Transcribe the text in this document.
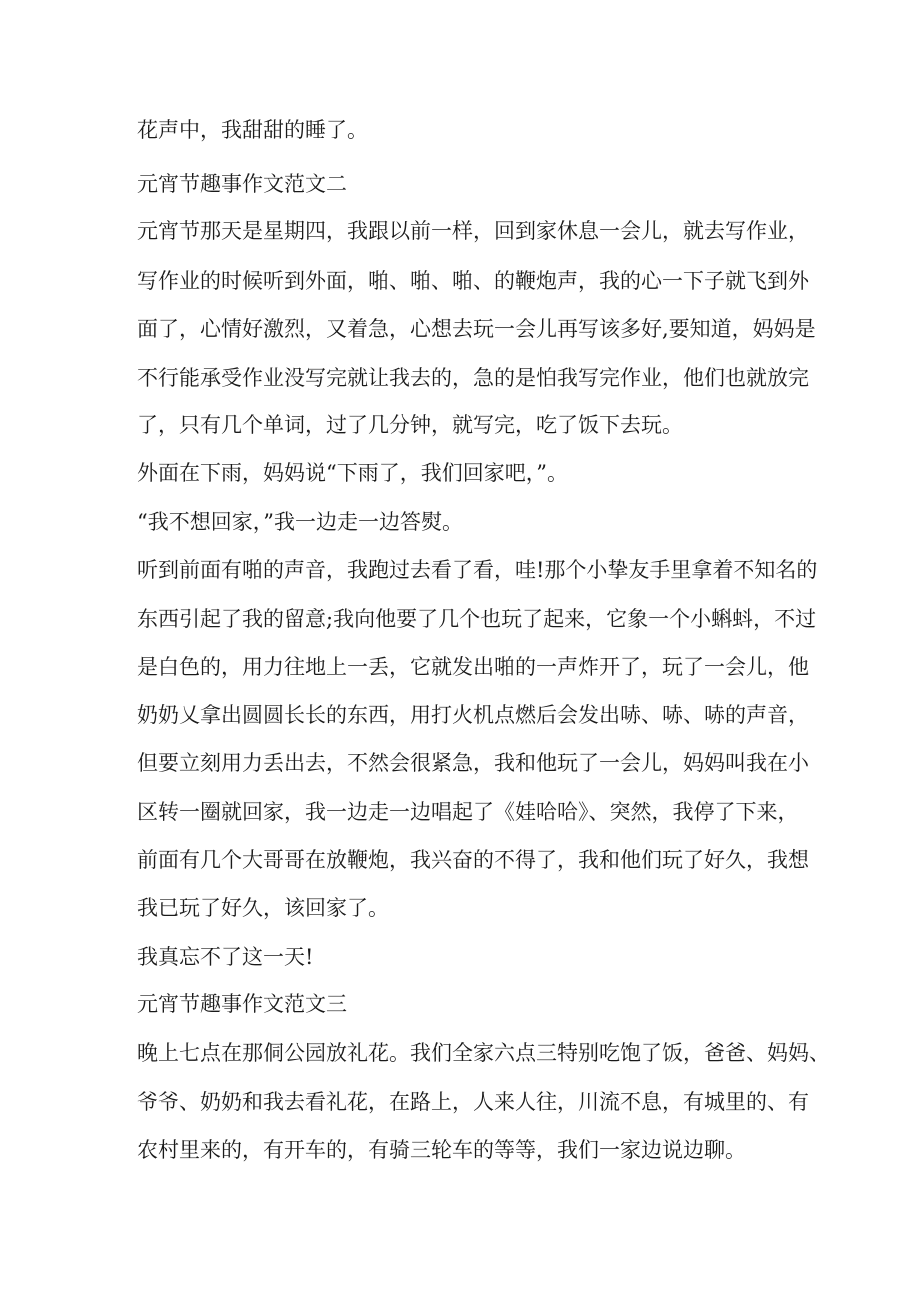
花声中，我甜甜的睡了。

元宵节趣事作文范文二

元宵节那天是星期四，我跟以前一样，回到家休息一会儿，就去写作业，

写作业的时候听到外面，啪、啪、啪、的鞭炮声，我的心一下子就飞到外

面了，心情好激烈，又着急，心想去玩一会儿再写该多好,要知道，妈妈是

不行能承受作业没写完就让我去的，急的是怕我写完作业，他们也就放完

了，只有几个单词，过了几分钟，就写完，吃了饭下去玩。

外面在下雨，妈妈说“下雨了，我们回家吧，”。

“我不想回家，”我一边走一边答熨。

听到前面有啪的声音，我跑过去看了看，哇!那个小挚友手里拿着不知名的

东西引起了我的留意;我向他要了几个也玩了起来，它象一个小蝌蚪，不过

是白色的，用力往地上一丢，它就发出啪的一声炸开了，玩了一会儿，他

奶奶乂拿出圆圆长长的东西，用打火机点燃后会发出哧、哧、哧的声音，

但要立刻用力丢出去，不然会很紧急，我和他玩了一会儿，妈妈叫我在小

区转一圈就回家，我一边走一边唱起了《娃哈哈》、突然，我停了下来，

前面有几个大哥哥在放鞭炮，我兴奋的不得了，我和他们玩了好久，我想

我已玩了好久，该回家了。

我真忘不了这一天!

元宵节趣事作文范文三

晚上七点在那侗公园放礼花。我们全家六点三特别吃饱了饭，爸爸、妈妈、

爷爷、奶奶和我去看礼花，在路上，人来人往，川流不息，有城里的、有

农村里来的，有开车的，有骑三轮车的等等，我们一家边说边聊。
